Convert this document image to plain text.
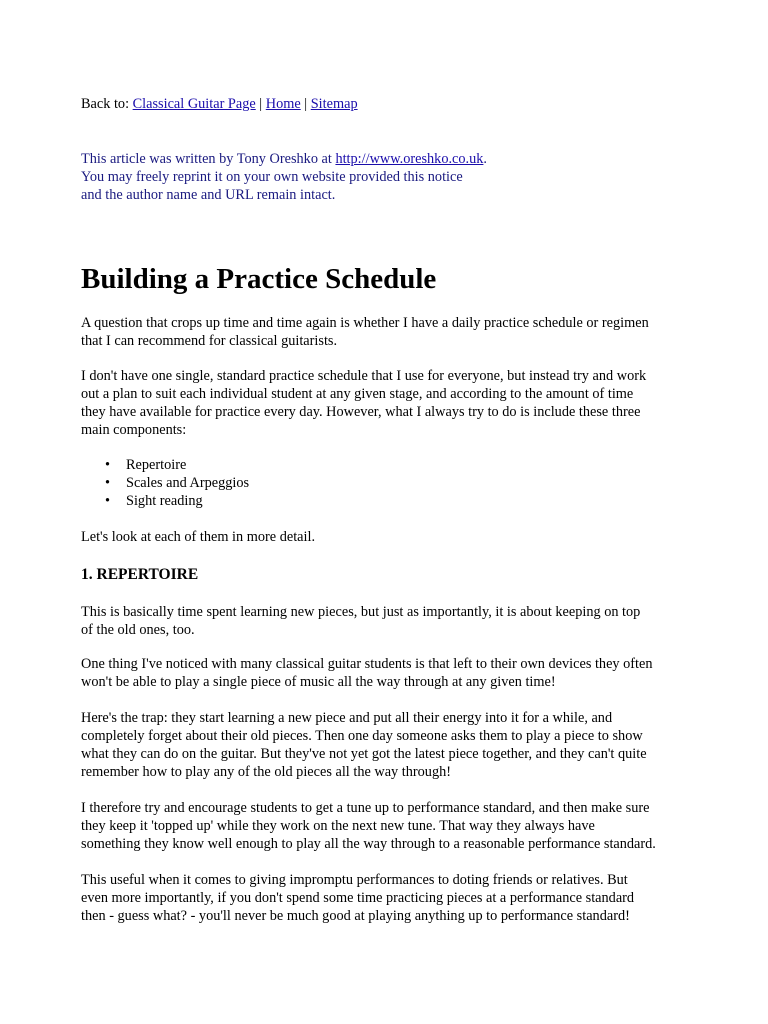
Back to: Classical Guitar Page | Home | Sitemap
This article was written by Tony Oreshko at http://www.oreshko.co.uk.
You may freely reprint it on your own website provided this notice
and the author name and URL remain intact.
Building a Practice Schedule
A question that crops up time and time again is whether I have a daily practice schedule or regimen
that I can recommend for classical guitarists.
I don't have one single, standard practice schedule that I use for everyone, but instead try and work
out a plan to suit each individual student at any given stage, and according to the amount of time
they have available for practice every day. However, what I always try to do is include these three
main components:
• Repertoire
• Scales and Arpeggios
• Sight reading
Let's look at each of them in more detail.
1. REPERTOIRE
This is basically time spent learning new pieces, but just as importantly, it is about keeping on top
of the old ones, too.
One thing I've noticed with many classical guitar students is that left to their own devices they often
won't be able to play a single piece of music all the way through at any given time!
Here's the trap: they start learning a new piece and put all their energy into it for a while, and
completely forget about their old pieces. Then one day someone asks them to play a piece to show
what they can do on the guitar. But they've not yet got the latest piece together, and they can't quite
remember how to play any of the old pieces all the way through!
I therefore try and encourage students to get a tune up to performance standard, and then make sure
they keep it 'topped up' while they work on the next new tune. That way they always have
something they know well enough to play all the way through to a reasonable performance standard.
This useful when it comes to giving impromptu performances to doting friends or relatives. But
even more importantly, if you don't spend some time practicing pieces at a performance standard
then - guess what? - you'll never be much good at playing anything up to performance standard!
